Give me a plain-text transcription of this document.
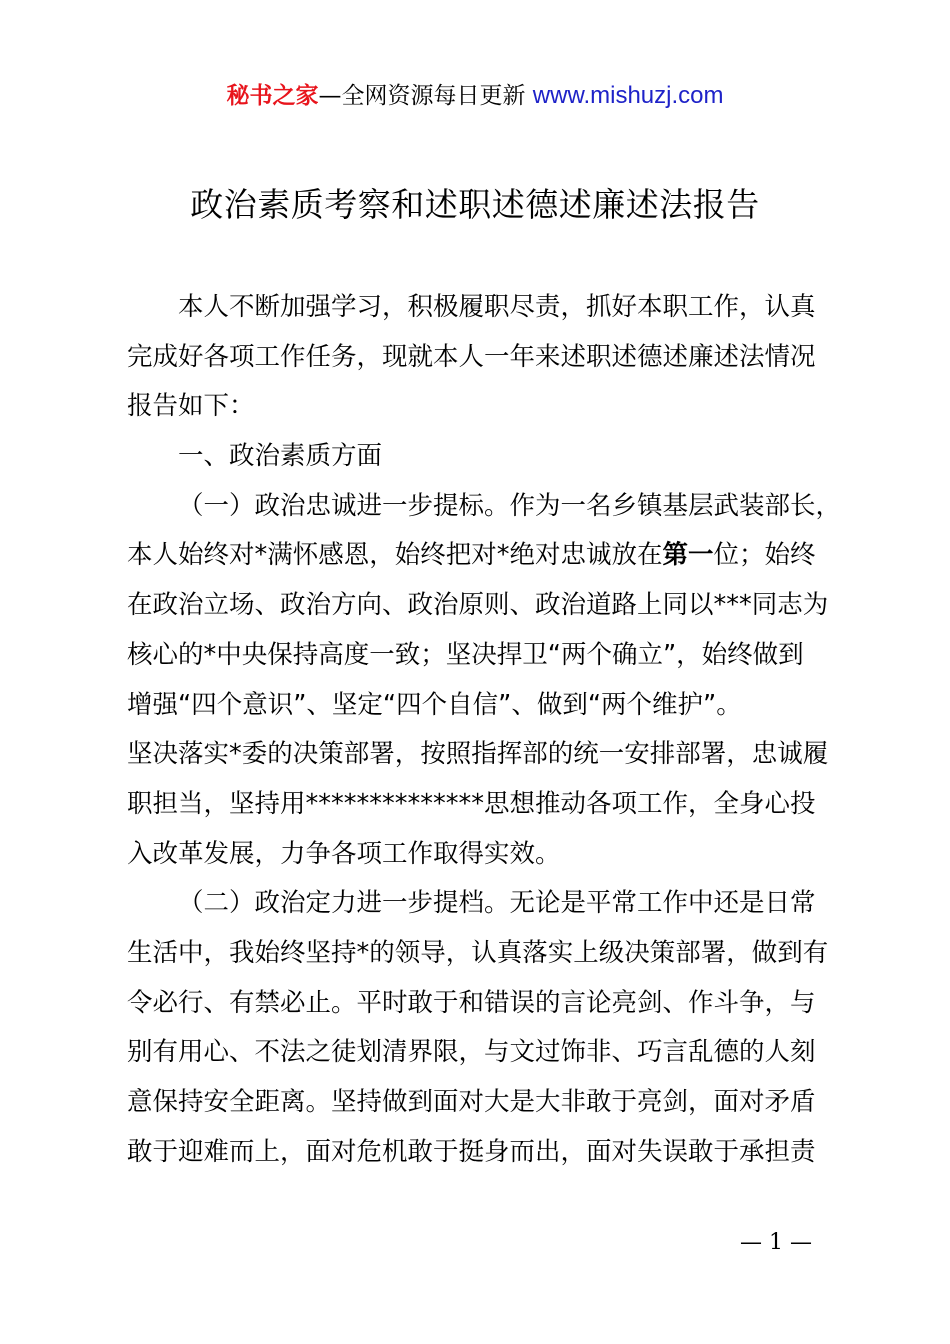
秘书之家—全网资源每日更新 www.mishuzj.com
政治素质考察和述职述德述廉述法报告
本人不断加强学习，积极履职尽责，抓好本职工作，认真
完成好各项工作任务，现就本人一年来述职述德述廉述法情况
报告如下：
一、政治素质方面
（一）政治忠诚进一步提标。作为一名乡镇基层武装部长，
本人始终对*满怀感恩，始终把对*绝对忠诚放在第一位；始终
在政治立场、政治方向、政治原则、政治道路上同以***同志为
核心的*中央保持高度一致；坚决捍卫“两个确立”，始终做到
增强“四个意识”、坚定“四个自信”、做到“两个维护”。
坚决落实*委的决策部署，按照指挥部的统一安排部署，忠诚履
职担当，坚持用**************思想推动各项工作，全身心投
入改革发展，力争各项工作取得实效。
（二）政治定力进一步提档。无论是平常工作中还是日常
生活中，我始终坚持*的领导，认真落实上级决策部署，做到有
令必行、有禁必止。平时敢于和错误的言论亮剑、作斗争，与
别有用心、不法之徒划清界限，与文过饰非、巧言乱德的人刻
意保持安全距离。坚持做到面对大是大非敢于亮剑，面对矛盾
敢于迎难而上，面对危机敢于挺身而出，面对失误敢于承担责
— 1 —
